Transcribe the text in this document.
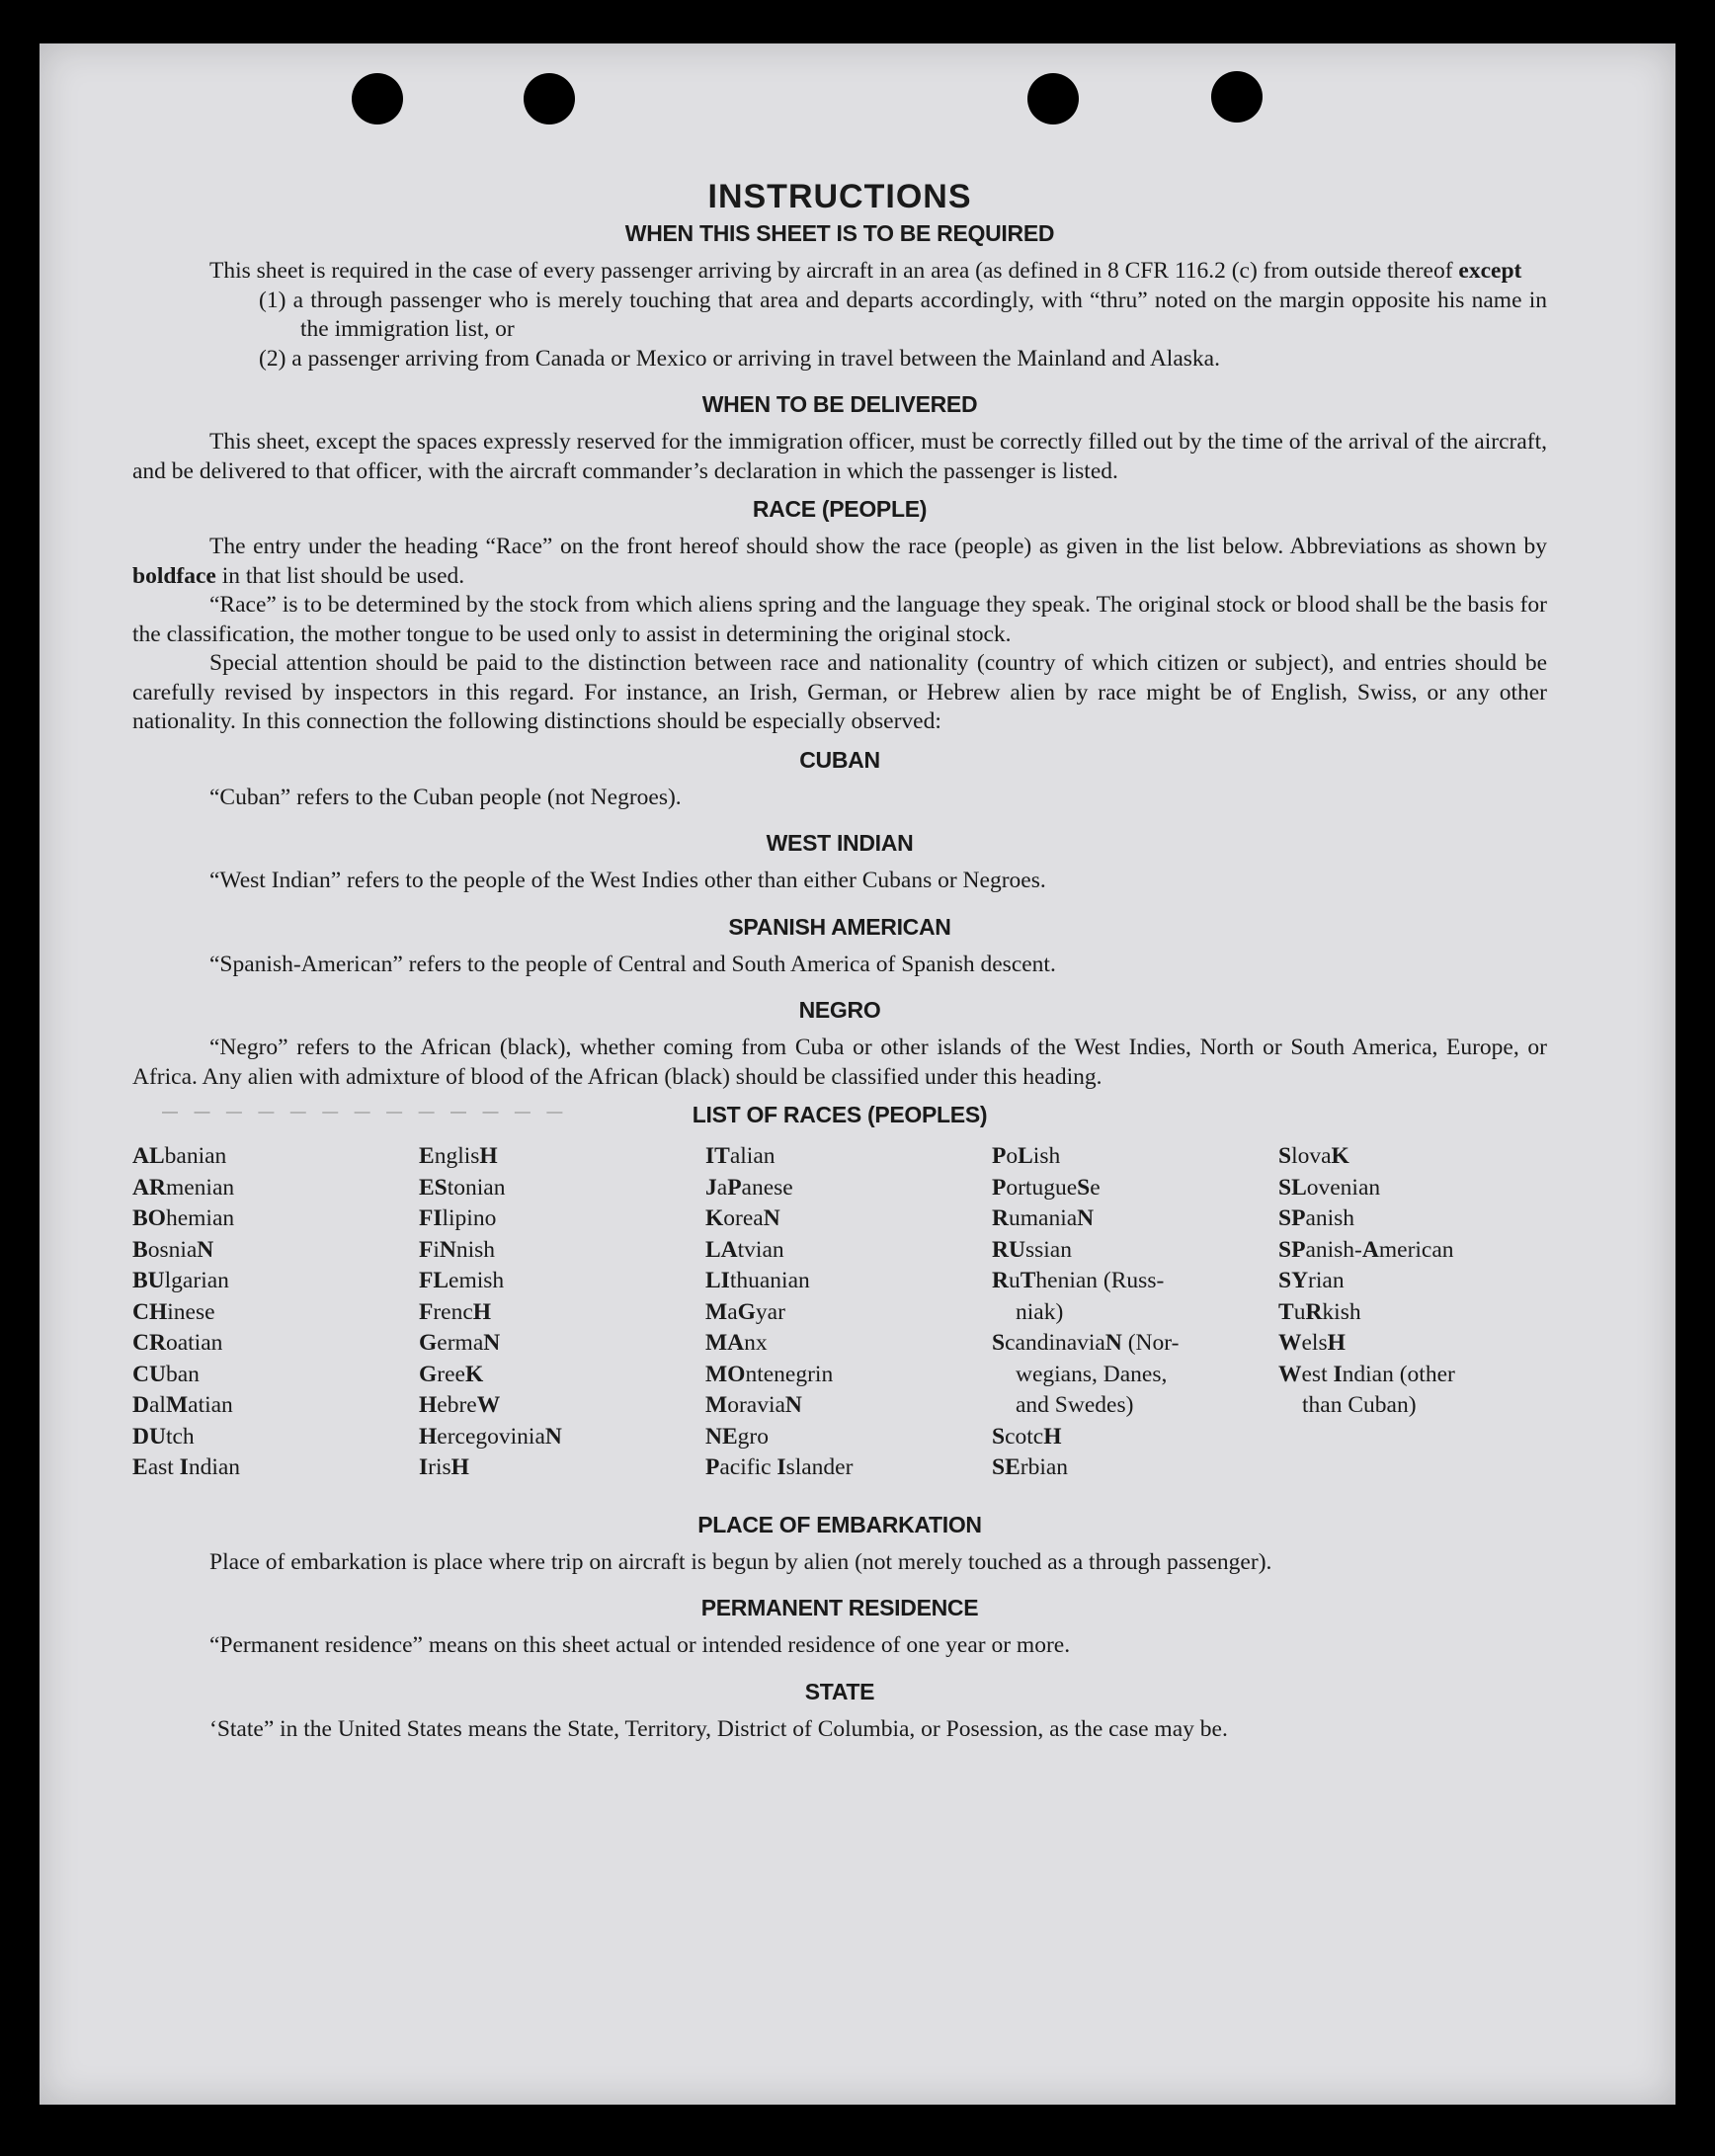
INSTRUCTIONS
WHEN THIS SHEET IS TO BE REQUIRED

This sheet is required in the case of every passenger arriving by aircraft in an area (as defined in 8 CFR 116.2 (c) from outside thereof except

(1) a through passenger who is merely touching that area and departs accordingly, with “thru” noted on the margin opposite his name in the immigration list, or

(2) a passenger arriving from Canada or Mexico or arriving in travel between the Mainland and Alaska.

WHEN TO BE DELIVERED

This sheet, except the spaces expressly reserved for the immigration officer, must be correctly filled out by the time of the arrival of the aircraft, and be delivered to that officer, with the aircraft commander’s declaration in which the passenger is listed.

RACE (PEOPLE)

The entry under the heading “Race” on the front hereof should show the race (people) as given in the list below. Abbreviations as shown by boldface in that list should be used.

“Race” is to be determined by the stock from which aliens spring and the language they speak. The original stock or blood shall be the basis for the classification, the mother tongue to be used only to assist in determining the original stock.

Special attention should be paid to the distinction between race and nationality (country of which citizen or subject), and entries should be carefully revised by inspectors in this regard. For instance, an Irish, German, or Hebrew alien by race might be of English, Swiss, or any other nationality. In this connection the following distinctions should be especially observed:

CUBAN

“Cuban” refers to the Cuban people (not Negroes).

WEST INDIAN

“West Indian” refers to the people of the West Indies other than either Cubans or Negroes.

SPANISH AMERICAN

“Spanish-American” refers to the people of Central and South America of Spanish descent.

NEGRO

“Negro” refers to the African (black), whether coming from Cuba or other islands of the West Indies, North or South America, Europe, or Africa. Any alien with admixture of blood of the African (black) should be classified under this heading.

— — — — — — — — — — — — —	LIST OF RACES (PEOPLES)
ALbanian
ARmenian
BOhemian
BosniaN
BUlgarian
CHinese
CRoatian
CUban
DalMatian
DUtch
East Indian
EnglisH
EStonian
FIlipino
FiNnish
FLemish
FrencH
GermaN
GreeK
HebreW
HercegoviniaN
IrisH
ITalian
JaPanese
KoreaN
LAtvian
LIthuanian
MaGyar
MAnx
MOntenegrin
MoraviaN
NEgro
Pacific Islander
PoLish
PortugueSe
RumaniaN
RUssian
RuThenian (Russ-
niak)
ScandinaviaN (Nor-
wegians, Danes,
and Swedes)
ScotcH
SErbian
SlovaK
SLovenian
SPanish
SPanish-American
SYrian
TuRkish
WelsH
West Indian (other
than Cuban)
PLACE OF EMBARKATION

Place of embarkation is place where trip on aircraft is begun by alien (not merely touched as a through passenger).

PERMANENT RESIDENCE

“Permanent residence” means on this sheet actual or intended residence of one year or more.

STATE

‘State” in the United States means the State, Territory, District of Columbia, or Posession, as the case may be.
